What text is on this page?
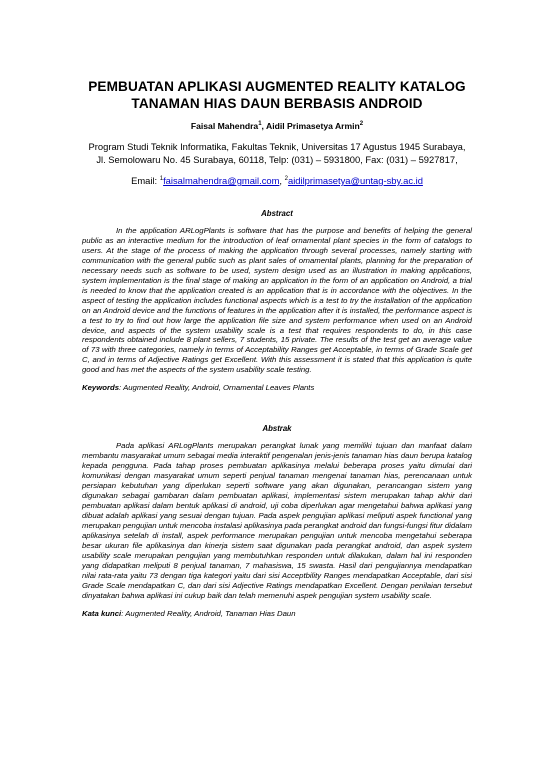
PEMBUATAN APLIKASI AUGMENTED REALITY KATALOG
TANAMAN HIAS DAUN BERBASIS ANDROID
Faisal Mahendra$^1$, Aidil Primasetya Armin$^2$
Program Studi Teknik Informatika, Fakultas Teknik, Universitas 17 Agustus 1945 Surabaya,
Jl. Semolowaru No. 45 Surabaya, 60118, Telp: (031) – 5931800, Fax: (031) – 5927817,
Email: $^1$faisalmahendra@gmail.com, $^2$aidilprimasetya@untag-sby.ac.id
Abstract

In the application ARLogPlants is software that has the purpose and benefits of helping the general public as an interactive medium for the introduction of leaf ornamental plant species in the form of catalogs to users. At the stage of the process of making the application through several processes, namely starting with communication with the general public such as plant sales of ornamental plants, planning for the preparation of necessary needs such as software to be used, system design used as an illustration in making applications, system implementation is the final stage of making an application in the form of an application on Android, a trial is needed to know that the application created is an application that is in accordance with the objectives. In the aspect of testing the application includes functional aspects which is a test to try the installation of the application on an Android device and the functions of features in the application after it is installed, the performance aspect is a test to try to find out how large the application file size and system performance when used on an Android device, and aspects of the system usability scale is a test that requires respondents to do, in this case respondents obtained include 8 plant sellers, 7 students, 15 private. The results of the test get an average value of 73 with three categories, namely in terms of Acceptability Ranges get Acceptable, in terms of Grade Scale get C, and in terms of Adjective Ratings get Excellent. With this assessment it is stated that this application is quite good and has met the aspects of the system usability scale testing.

Keywords: Augmented Reality, Android, Ornamental Leaves Plants
Abstrak

Pada aplikasi ARLogPlants merupakan perangkat lunak yang memiliki tujuan dan manfaat dalam membantu masyarakat umum sebagai media interaktif pengenalan jenis-jenis tanaman hias daun berupa katalog kepada pengguna. Pada tahap proses pembuatan aplikasinya melalui beberapa proses yaitu dimulai dari komunikasi dengan masyarakat umum seperti penjual tanaman mengenai tanaman hias, perencanaan untuk persiapan kebutuhan yang diperlukan seperti software yang akan digunakan, perancangan sistem yang digunakan sebagai gambaran dalam pembuatan aplikasi, implementasi sistem merupakan tahap akhir dari pembuatan aplikasi dalam bentuk aplikasi di android, uji coba diperlukan agar mengetahui bahwa aplikasi yang dibuat adalah aplikasi yang sesuai dengan tujuan. Pada aspek pengujian aplikasi meliputi aspek functional yang merupakan pengujian untuk mencoba instalasi aplikasinya pada perangkat android dan fungsi-fungsi fitur didalam aplikasinya setelah di install, aspek performance merupakan pengujian untuk mencoba mengetahui seberapa besar ukuran file aplikasinya dan kinerja sistem saat digunakan pada perangkat android, dan aspek system usability scale merupakan pengujian yang membutuhkan responden untuk dilakukan, dalam hal ini responden yang didapatkan meliputi 8 penjual tanaman, 7 mahasiswa, 15 swasta. Hasil dari pengujiannya mendapatkan nilai rata-rata yaitu 73 dengan tiga kategori yaitu dari sisi Acceptbility Ranges mendapatkan Acceptable, dari sisi Grade Scale mendapatkan C, dan dari sisi Adjective Ratings mendapatkan Excellent. Dengan penilaian tersebut dinyatakan bahwa aplikasi ini cukup baik dan telah memenuhi aspek pengujian system usability scale.

Kata kunci: Augmented Reality, Android, Tanaman Hias Daun
